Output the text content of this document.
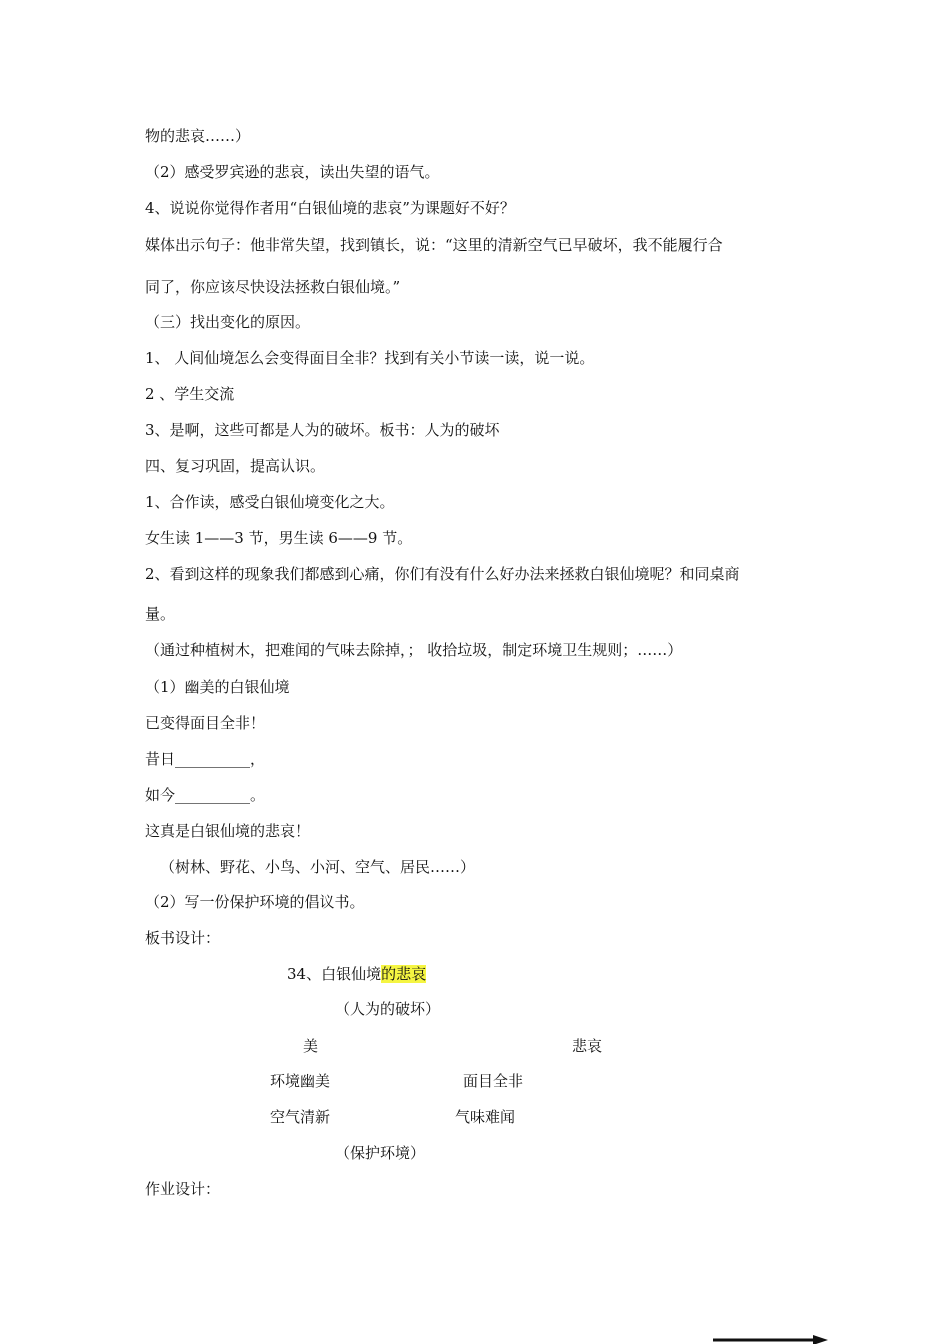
物的悲哀……）
（2）感受罗宾逊的悲哀，读出失望的语气。
4、说说你觉得作者用“白银仙境的悲哀”为课题好不好？
媒体出示句子：他非常失望，找到镇长，说：“这里的清新空气已早破坏，我不能履行合
同了，你应该尽快设法拯救白银仙境。”
（三）找出变化的原因。
1、 人间仙境怎么会变得面目全非？找到有关小节读一读，说一说。
2 、学生交流
3、是啊，这些可都是人为的破坏。板书：人为的破坏
四、复习巩固，提高认识。
1、合作读，感受白银仙境变化之大。
女生读 1——3 节，男生读 6——9 节。
2、看到这样的现象我们都感到心痛，你们有没有什么好办法来拯救白银仙境呢？和同桌商
量。
（通过种植树木，把难闻的气味去除掉，； 收拾垃圾，制定环境卫生规则；……）
（1）幽美的白银仙境
已变得面目全非！
昔日__________，
如今__________。
这真是白银仙境的悲哀！
（树林、野花、小鸟、小河、空气、居民……）
（2）写一份保护环境的倡议书。
板书设计：
34、白银仙境的悲哀
（人为的破坏）
美	悲哀
环境幽美	面目全非
空气清新	气味难闻
（保护环境）
作业设计：
